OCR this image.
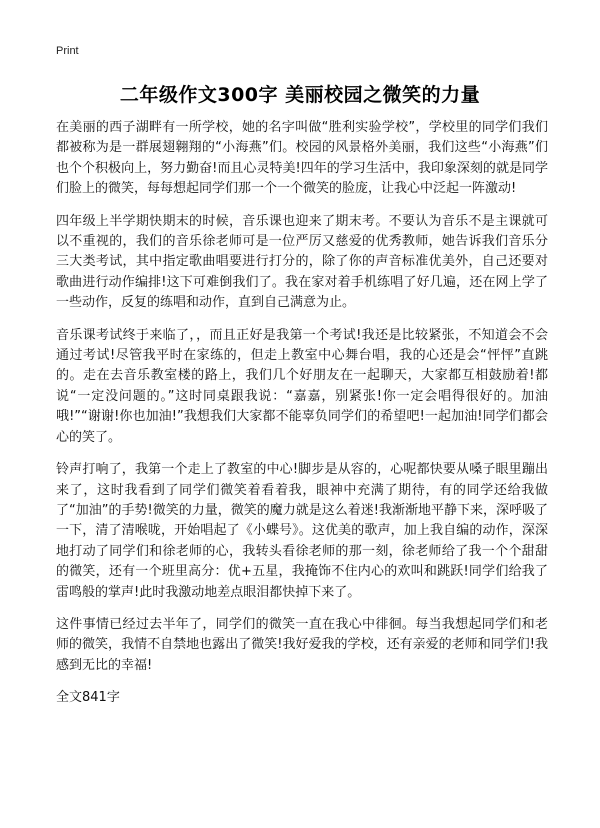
Print
二年级作文300字 美丽校园之微笑的力量

在美丽的西子湖畔有一所学校，她的名字叫做“胜利实验学校”，学校里的同学们我们都被称为是一群展翅翱翔的“小海燕”们。校园的风景格外美丽，我们这些“小海燕”们也个个积极向上，努力勤奋!而且心灵特美!四年的学习生活中，我印象深刻的就是同学们脸上的微笑，每每想起同学们那一个一个微笑的脸庞，让我心中泛起一阵激动!

四年级上半学期快期末的时候，音乐课也迎来了期末考。不要认为音乐不是主课就可以不重视的，我们的音乐徐老师可是一位严厉又慈爱的优秀教师，她告诉我们音乐分三大类考试，其中指定歌曲唱要进行打分的，除了你的声音标准优美外，自己还要对歌曲进行动作编排!这下可难倒我们了。我在家对着手机练唱了好几遍，还在网上学了一些动作，反复的练唱和动作，直到自己满意为止。

音乐课考试终于来临了，，而且正好是我第一个考试!我还是比较紧张，不知道会不会通过考试!尽管我平时在家练的，但走上教室中心舞台唱，我的心还是会“怦怦”直跳的。走在去音乐教室楼的路上，我们几个好朋友在一起聊天，大家都互相鼓励着!都说“一定没问题的。”这时同桌跟我说：“嘉嘉，别紧张!你一定会唱得很好的。加油哦!”“谢谢!你也加油!”我想我们大家都不能辜负同学们的希望吧!一起加油!同学们都会心的笑了。

铃声打响了，我第一个走上了教室的中心!脚步是从容的，心呢都快要从嗓子眼里蹦出来了，这时我看到了同学们微笑着看着我，眼神中充满了期待，有的同学还给我做了“加油”的手势!微笑的力量，微笑的魔力就是这么着迷!我渐渐地平静下来，深呼吸了一下，清了清喉咙，开始唱起了《小蝶号》。这优美的歌声，加上我自编的动作，深深地打动了同学们和徐老师的心，我转头看徐老师的那一刻，徐老师给了我一个个甜甜的微笑，还有一个班里高分：优+五星，我掩饰不住内心的欢叫和跳跃!同学们给我了雷鸣般的掌声!此时我激动地差点眼泪都快掉下来了。

这件事情已经过去半年了，同学们的微笑一直在我心中徘徊。每当我想起同学们和老师的微笑，我情不自禁地也露出了微笑!我好爱我的学校，还有亲爱的老师和同学们!我感到无比的幸福!

全文841字
